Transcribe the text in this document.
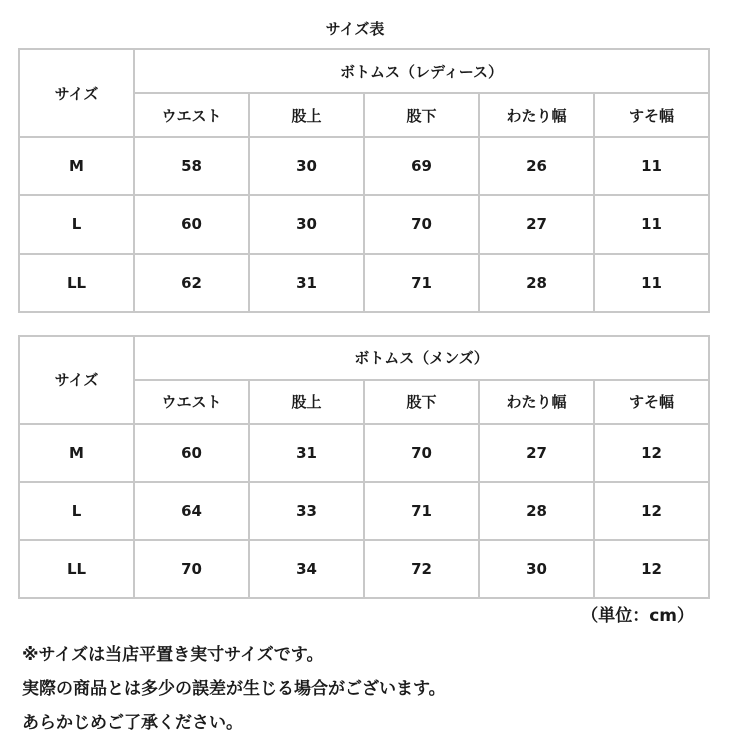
サイズ表
サイズ	ボトムス（レディース）				
	ウエスト	股上	股下	わたり幅	すそ幅
M	58	30	69	26	11
L	60	30	70	27	11
LL	62	31	71	28	11
サイズ	ボトムス（メンズ）				
	ウエスト	股上	股下	わたり幅	すそ幅
M	60	31	70	27	12
L	64	33	71	28	12
LL	70	34	72	30	12
（単位：cm）
※サイズは当店平置き実寸サイズです。
実際の商品とは多少の誤差が生じる場合がございます。
あらかじめご了承ください。
